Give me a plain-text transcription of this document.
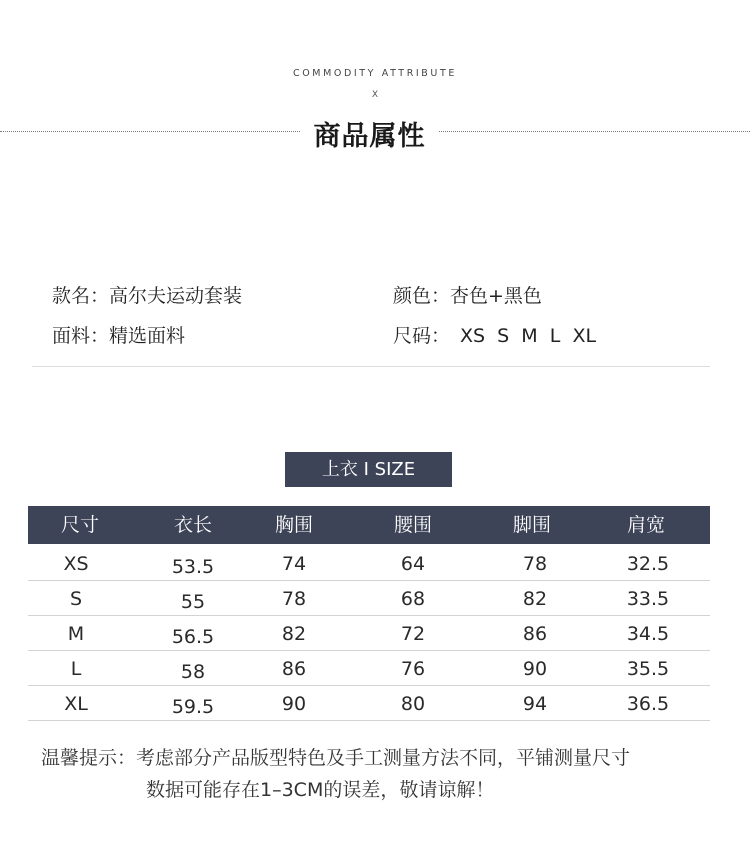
COMMODITY ATTRIBUTE
X
商品属性
款名：高尔夫运动套装	颜色：杏色+黑色
面料：精选面料	尺码： XS  S  M  L  XL
上衣 I SIZE
尺寸	衣长	胸围	腰围	脚围	肩宽
XS	53.5	74	64	78	32.5
S	55	78	68	82	33.5
M	56.5	82	72	86	34.5
L	58	86	76	90	35.5
XL	59.5	90	80	94	36.5
温馨提示：考虑部分产品版型特色及手工测量方法不同，平铺测量尺寸
数据可能存在1–3CM的误差，敬请谅解！
